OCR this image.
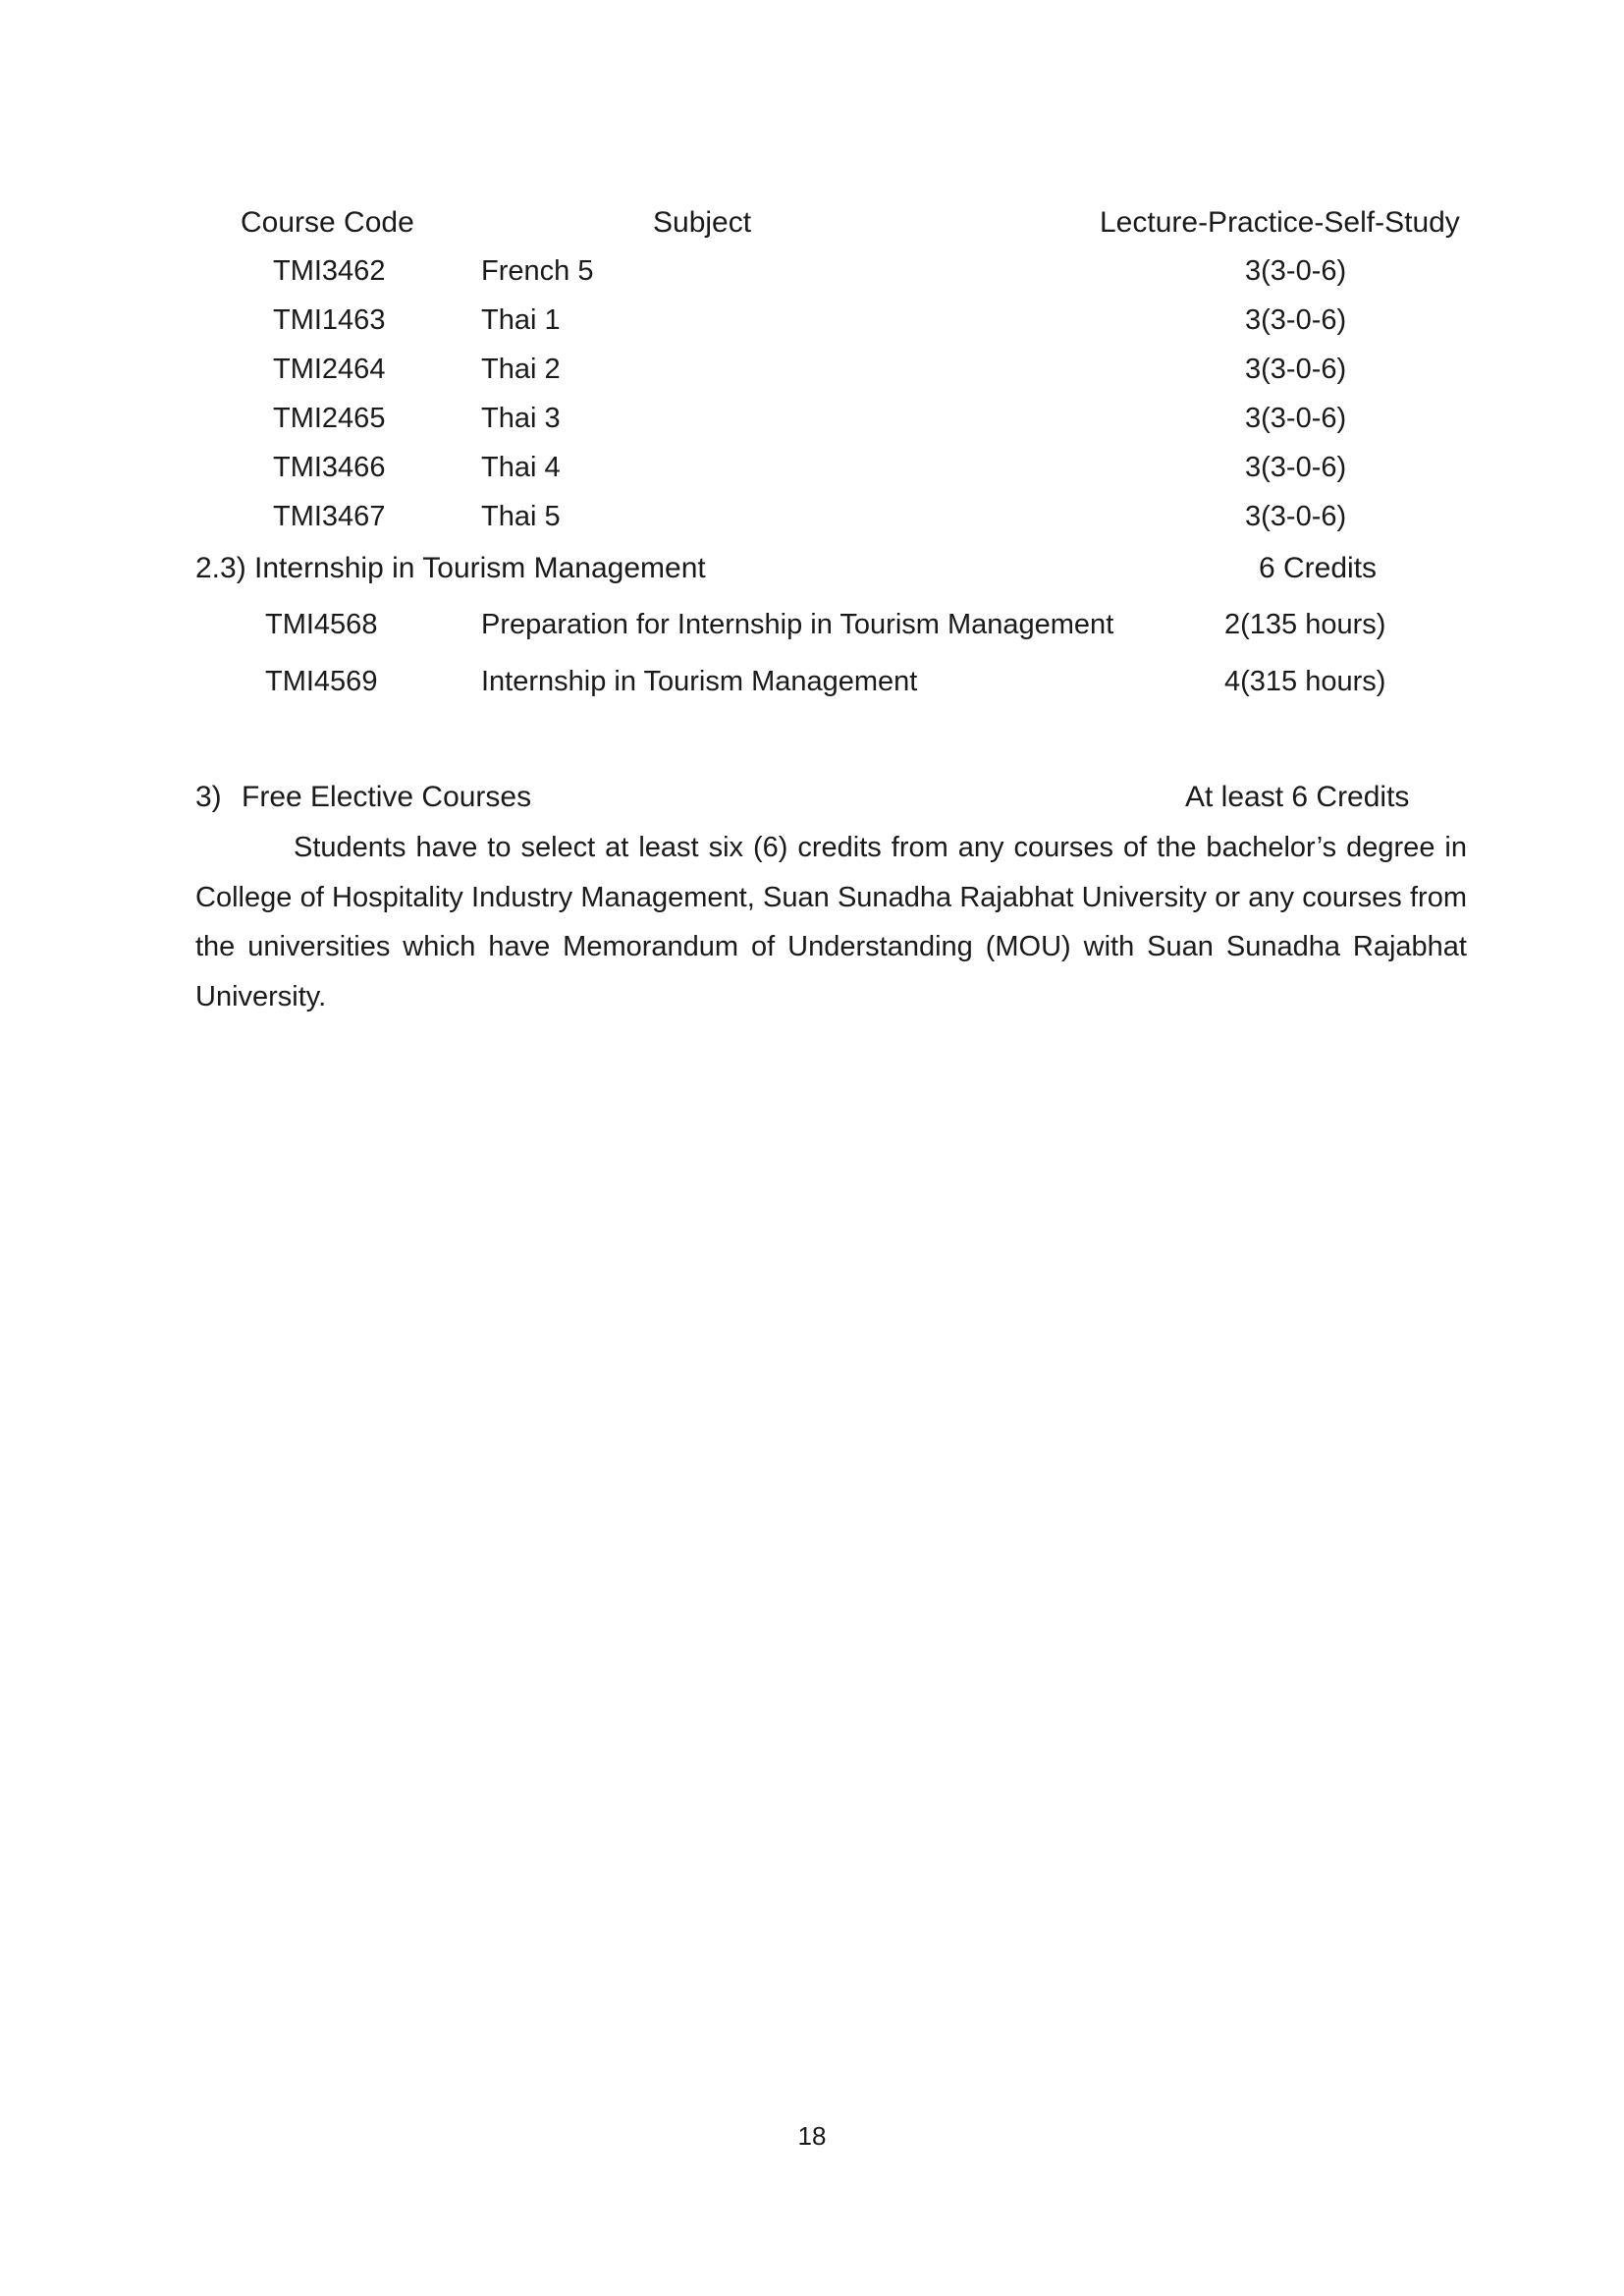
Course Code	Subject	Lecture-Practice-Self-Study
TMI3462	French 5	3(3-0-6)
TMI1463	Thai 1	3(3-0-6)
TMI2464	Thai 2	3(3-0-6)
TMI2465	Thai 3	3(3-0-6)
TMI3466	Thai 4	3(3-0-6)
TMI3467	Thai 5	3(3-0-6)
2.3) Internship in Tourism Management	6 Credits
TMI4568	Preparation for Internship in Tourism Management	2(135 hours)
TMI4569	Internship in Tourism Management	4(315 hours)
3) Free Elective Courses	At least 6 Credits

Students have to select at least six (6) credits from any courses of the bachelor’s degree in College of Hospitality Industry Management, Suan Sunadha Rajabhat University or any courses from the universities which have Memorandum of Understanding (MOU) with Suan Sunadha Rajabhat University.

18
